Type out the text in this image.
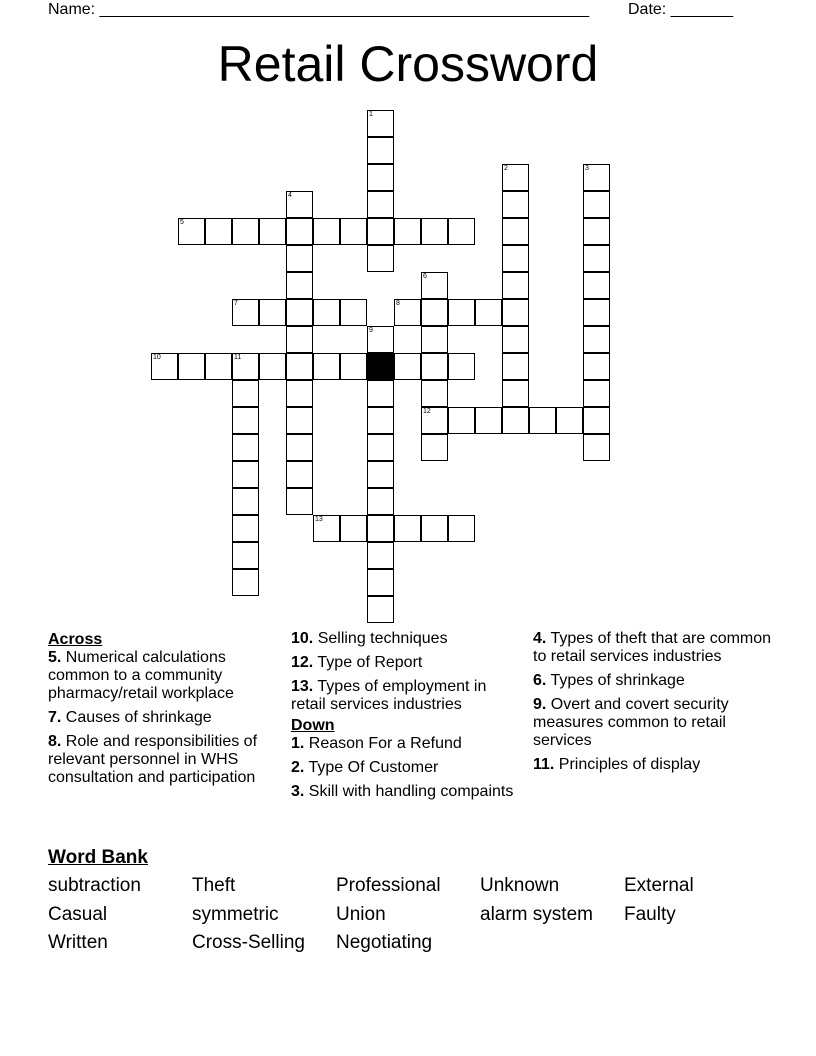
Name: _______________________________________________________ Date: _______
Retail Crossword
1
2	3
4
5
6
12
7	8
9
10	11
13
Across
5. Numerical calculations common to a community pharmacy/retail workplace
7. Causes of shrinkage
8. Role and responsibilities of relevant personnel in WHS consultation and participation
10. Selling techniques
12. Type of Report
13. Types of employment in retail services industries
Down
1. Reason For a Refund
2. Type Of Customer
3. Skill with handling compaints
4. Types of theft that are common to retail services industries
6. Types of shrinkage
9. Overt and covert security measures common to retail services
11. Principles of display
Word Bank
subtraction	Theft	Professional	Unknown	External
Casual	symmetric	Union	alarm system	Faulty
Written	Cross-Selling	Negotiating
